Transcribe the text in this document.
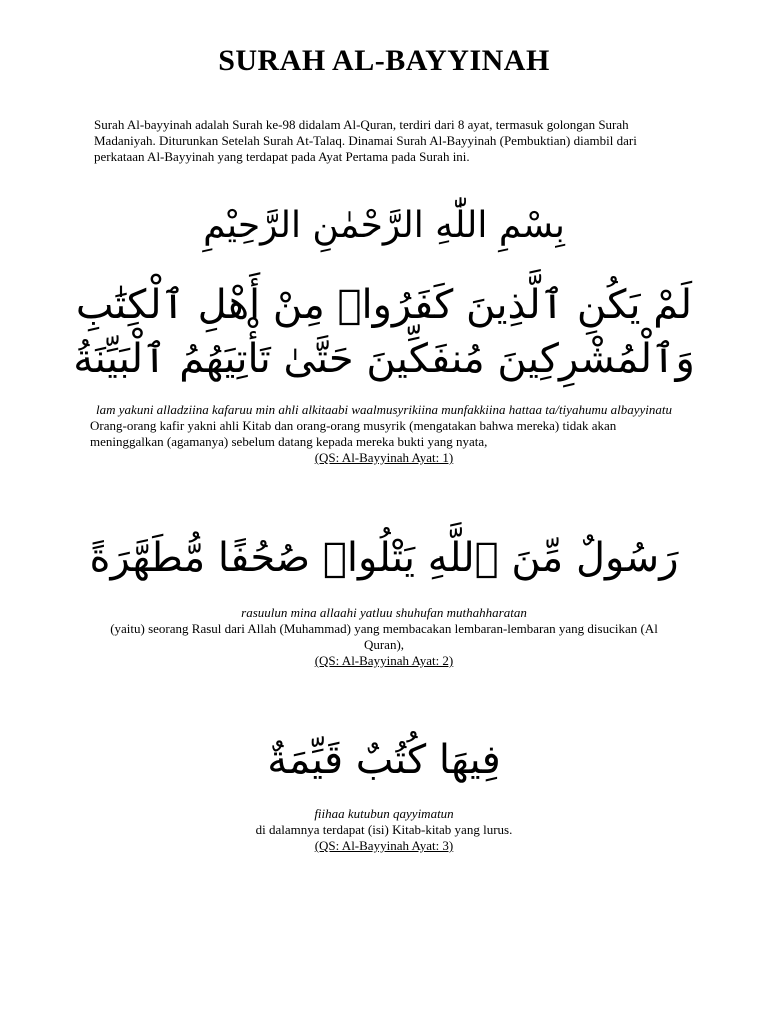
SURAH AL-BAYYINAH
Surah Al-bayyinah adalah Surah ke-98 didalam Al-Quran, terdiri dari 8 ayat, termasuk golongan Surah Madaniyah. Diturunkan Setelah Surah At-Talaq. Dinamai Surah Al-Bayyinah (Pembuktian) diambil dari perkataan Al-Bayyinah yang terdapat pada Ayat Pertama pada Surah ini.
بِسْمِ اللّٰهِ الرَّحْمٰنِ الرَّحِيْمِ
لَمْ يَكُنِ ٱلَّذِينَ كَفَرُوا۟ مِنْ أَهْلِ ٱلْكِتَٰبِ وَٱلْمُشْرِكِينَ مُنفَكِّينَ حَتَّىٰ تَأْتِيَهُمُ ٱلْبَيِّنَةُ
lam yakuni alladziina kafaruu min ahli alkitaabi waalmusyrikiina munfakkiina hattaa ta/tiyahumu albayyinatu
Orang-orang kafir yakni ahli Kitab dan orang-orang musyrik (mengatakan bahwa mereka) tidak akan meninggalkan (agamanya) sebelum datang kepada mereka bukti yang nyata,
(QS: Al-Bayyinah Ayat: 1)
رَسُولٌ مِّنَ ٱللَّهِ يَتْلُوا۟ صُحُفًا مُّطَهَّرَةً
rasuulun mina allaahi yatluu shuhufan muthahharatan
(yaitu) seorang Rasul dari Allah (Muhammad) yang membacakan lembaran-lembaran yang disucikan (Al Quran),
(QS: Al-Bayyinah Ayat: 2)
فِيهَا كُتُبٌ قَيِّمَةٌ
fiihaa kutubun qayyimatun
di dalamnya terdapat (isi) Kitab-kitab yang lurus.
(QS: Al-Bayyinah Ayat: 3)
